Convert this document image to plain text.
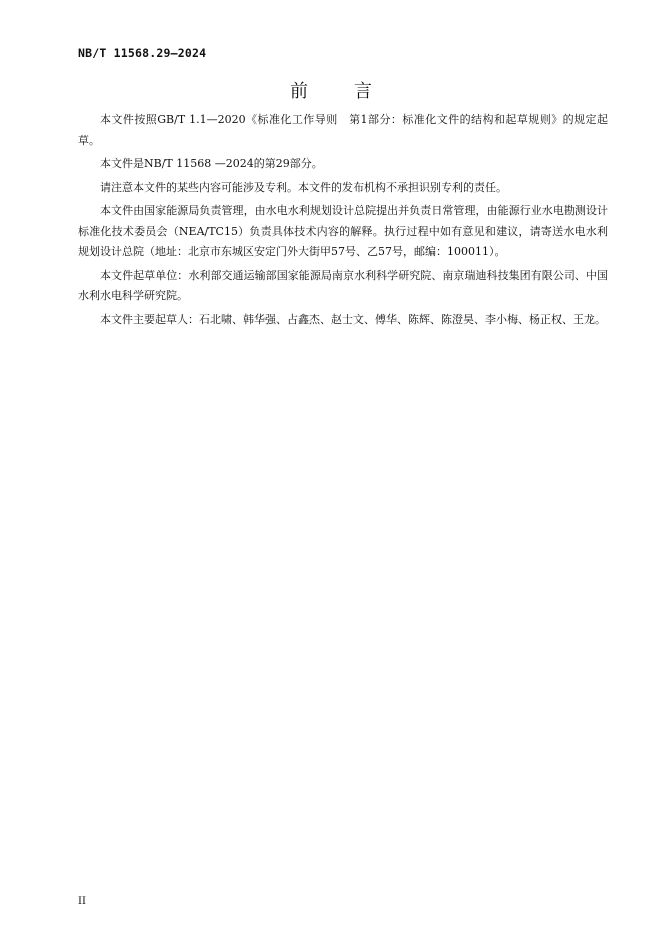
NB/T 11568.29—2024
前　言

本文件按照GB/T 1.1—2020《标准化工作导则　第1部分：标准化文件的结构和起草规则》的规定起草。

本文件是NB/T 11568 —2024的第29部分。

请注意本文件的某些内容可能涉及专利。本文件的发布机构不承担识别专利的责任。

本文件由国家能源局负责管理，由水电水利规划设计总院提出并负责日常管理，由能源行业水电勘测设计标准化技术委员会（NEA/TC15）负责具体技术内容的解释。执行过程中如有意见和建议，请寄送水电水利规划设计总院（地址：北京市东城区安定门外大街甲57号、乙57号，邮编：100011）。

本文件起草单位：水利部交通运输部国家能源局南京水利科学研究院、南京瑞迪科技集团有限公司、中国水利水电科学研究院。

本文件主要起草人：石北啸、韩华强、占鑫杰、赵士文、傅华、陈辉、陈澄昊、李小梅、杨正权、王龙。

II
